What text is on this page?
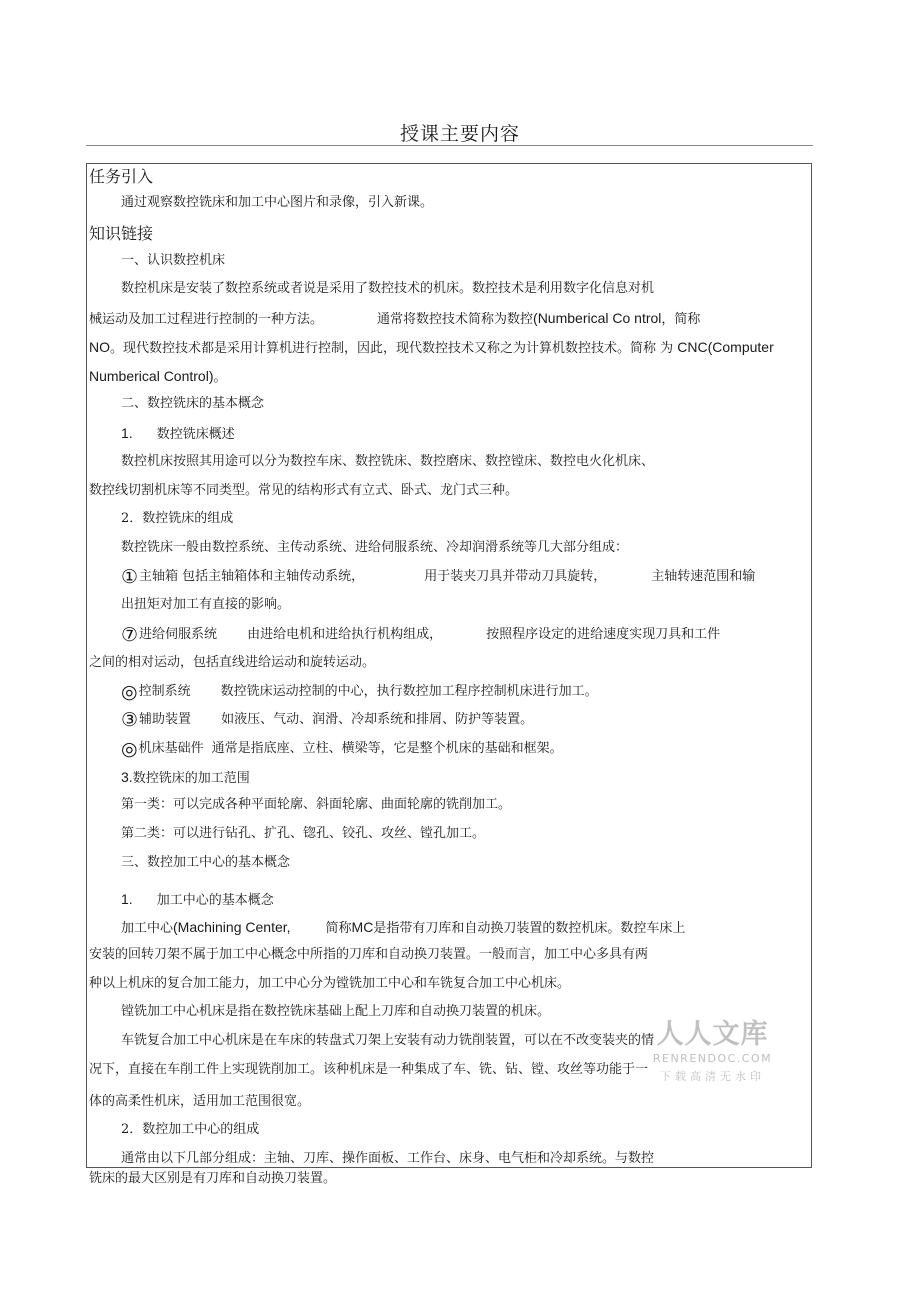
授课主要内容
任务引入
通过观察数控铣床和加工中心图片和录像，引入新课。
知识链接
一、认识数控机床
数控机床是安装了数控系统或者说是采用了数控技术的机床。数控技术是利用数字化信息对机
械运动及加工过程进行控制的一种方法。	通常将数控技术简称为数控(Numberical Co ntrol，简称
NO。现代数控技术都是采用计算机进行控制，因此，现代数控技术又称之为计算机数控技术。简称 为 CNC(Computer
Numberical Control)。
二、数控铣床的基本概念
1. 数控铣床概述
数控机床按照其用途可以分为数控车床、数控铣床、数控磨床、数控镗床、数控电火化机床、
数控线切割机床等不同类型。常见的结构形式有立式、卧式、龙门式三种。
2．数控铣床的组成
数控铣床一般由数控系统、主传动系统、进给伺服系统、冷却润滑系统等几大部分组成：
①主轴箱 包括主轴箱体和主轴传动系统，	用于装夹刀具并带动刀具旋转，	主轴转速范围和输
出扭矩对加工有直接的影响。
⑦进给伺服系统 由进给电机和进给执行机构组成，	按照程序设定的进给速度实现刀具和工件
之间的相对运动，包括直线进给运动和旋转运动。
◎控制系统 数控铣床运动控制的中心，执行数控加工程序控制机床进行加工。
③辅助装置 如液压、气动、润滑、冷却系统和排屑、防护等装置。
◎机床基础件 通常是指底座、立柱、横梁等，它是整个机床的基础和框架。
3.数控铣床的加工范围
第一类：可以完成各种平面轮廓、斜面轮廓、曲面轮廓的铣削加工。
第二类：可以进行钻孔、扩孔、锪孔、铰孔、攻丝、镗孔加工。
三、数控加工中心的基本概念
1. 加工中心的基本概念
加工中心(Machining Center,	简称MC是指带有刀库和自动换刀装置的数控机床。数控车床上
安装的回转刀架不属于加工中心概念中所指的刀库和自动换刀装置。一般而言，加工中心多具有两
种以上机床的复合加工能力，加工中心分为镗铣加工中心和车铣复合加工中心机床。
镗铣加工中心机床是指在数控铣床基础上配上刀库和自动换刀装置的机床。
车铣复合加工中心机床是在车床的转盘式刀架上安装有动力铣削装置，可以在不改变装夹的情
况下，直接在车削工件上实现铣削加工。该种机床是一种集成了车、铣、钻、镗、攻丝等功能于一
体的高柔性机床，适用加工范围很宽。
2．数控加工中心的组成
通常由以下几部分组成：主轴、刀库、操作面板、工作台、床身、电气柜和冷却系统。与数控
铣床的最大区别是有刀库和自动换刀装置。
人人文库
RENRENDOC.COM
下载高清无水印
